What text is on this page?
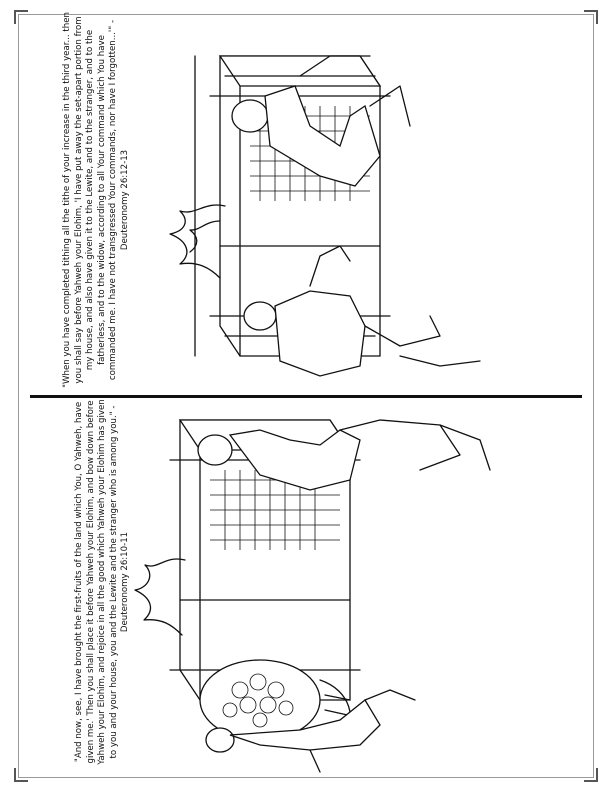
"When you have completed tithing all the tithe of your increase in the third year... then you shall say before Yahweh your Elohim, 'I have put away the set-apart portion from my house, and also have given it to the Lewite, and to the stranger, and to the fatherless, and to the widow, according to all Your command which You have commanded me. I have not transgressed Your commands, nor have I forgotten...'" - Deuteronomy 26:12-13

"And now, see, I have brought the first-fruits of the land which You, O Yahweh, have given me.' Then you shall place it before Yahweh your Elohim, and bow down before Yahweh your Elohim, and rejoice in all the good which Yahweh your Elohim has given to you and your house, you and the Lewite and the stranger who is among you." - Deuteronomy 26:10-11
